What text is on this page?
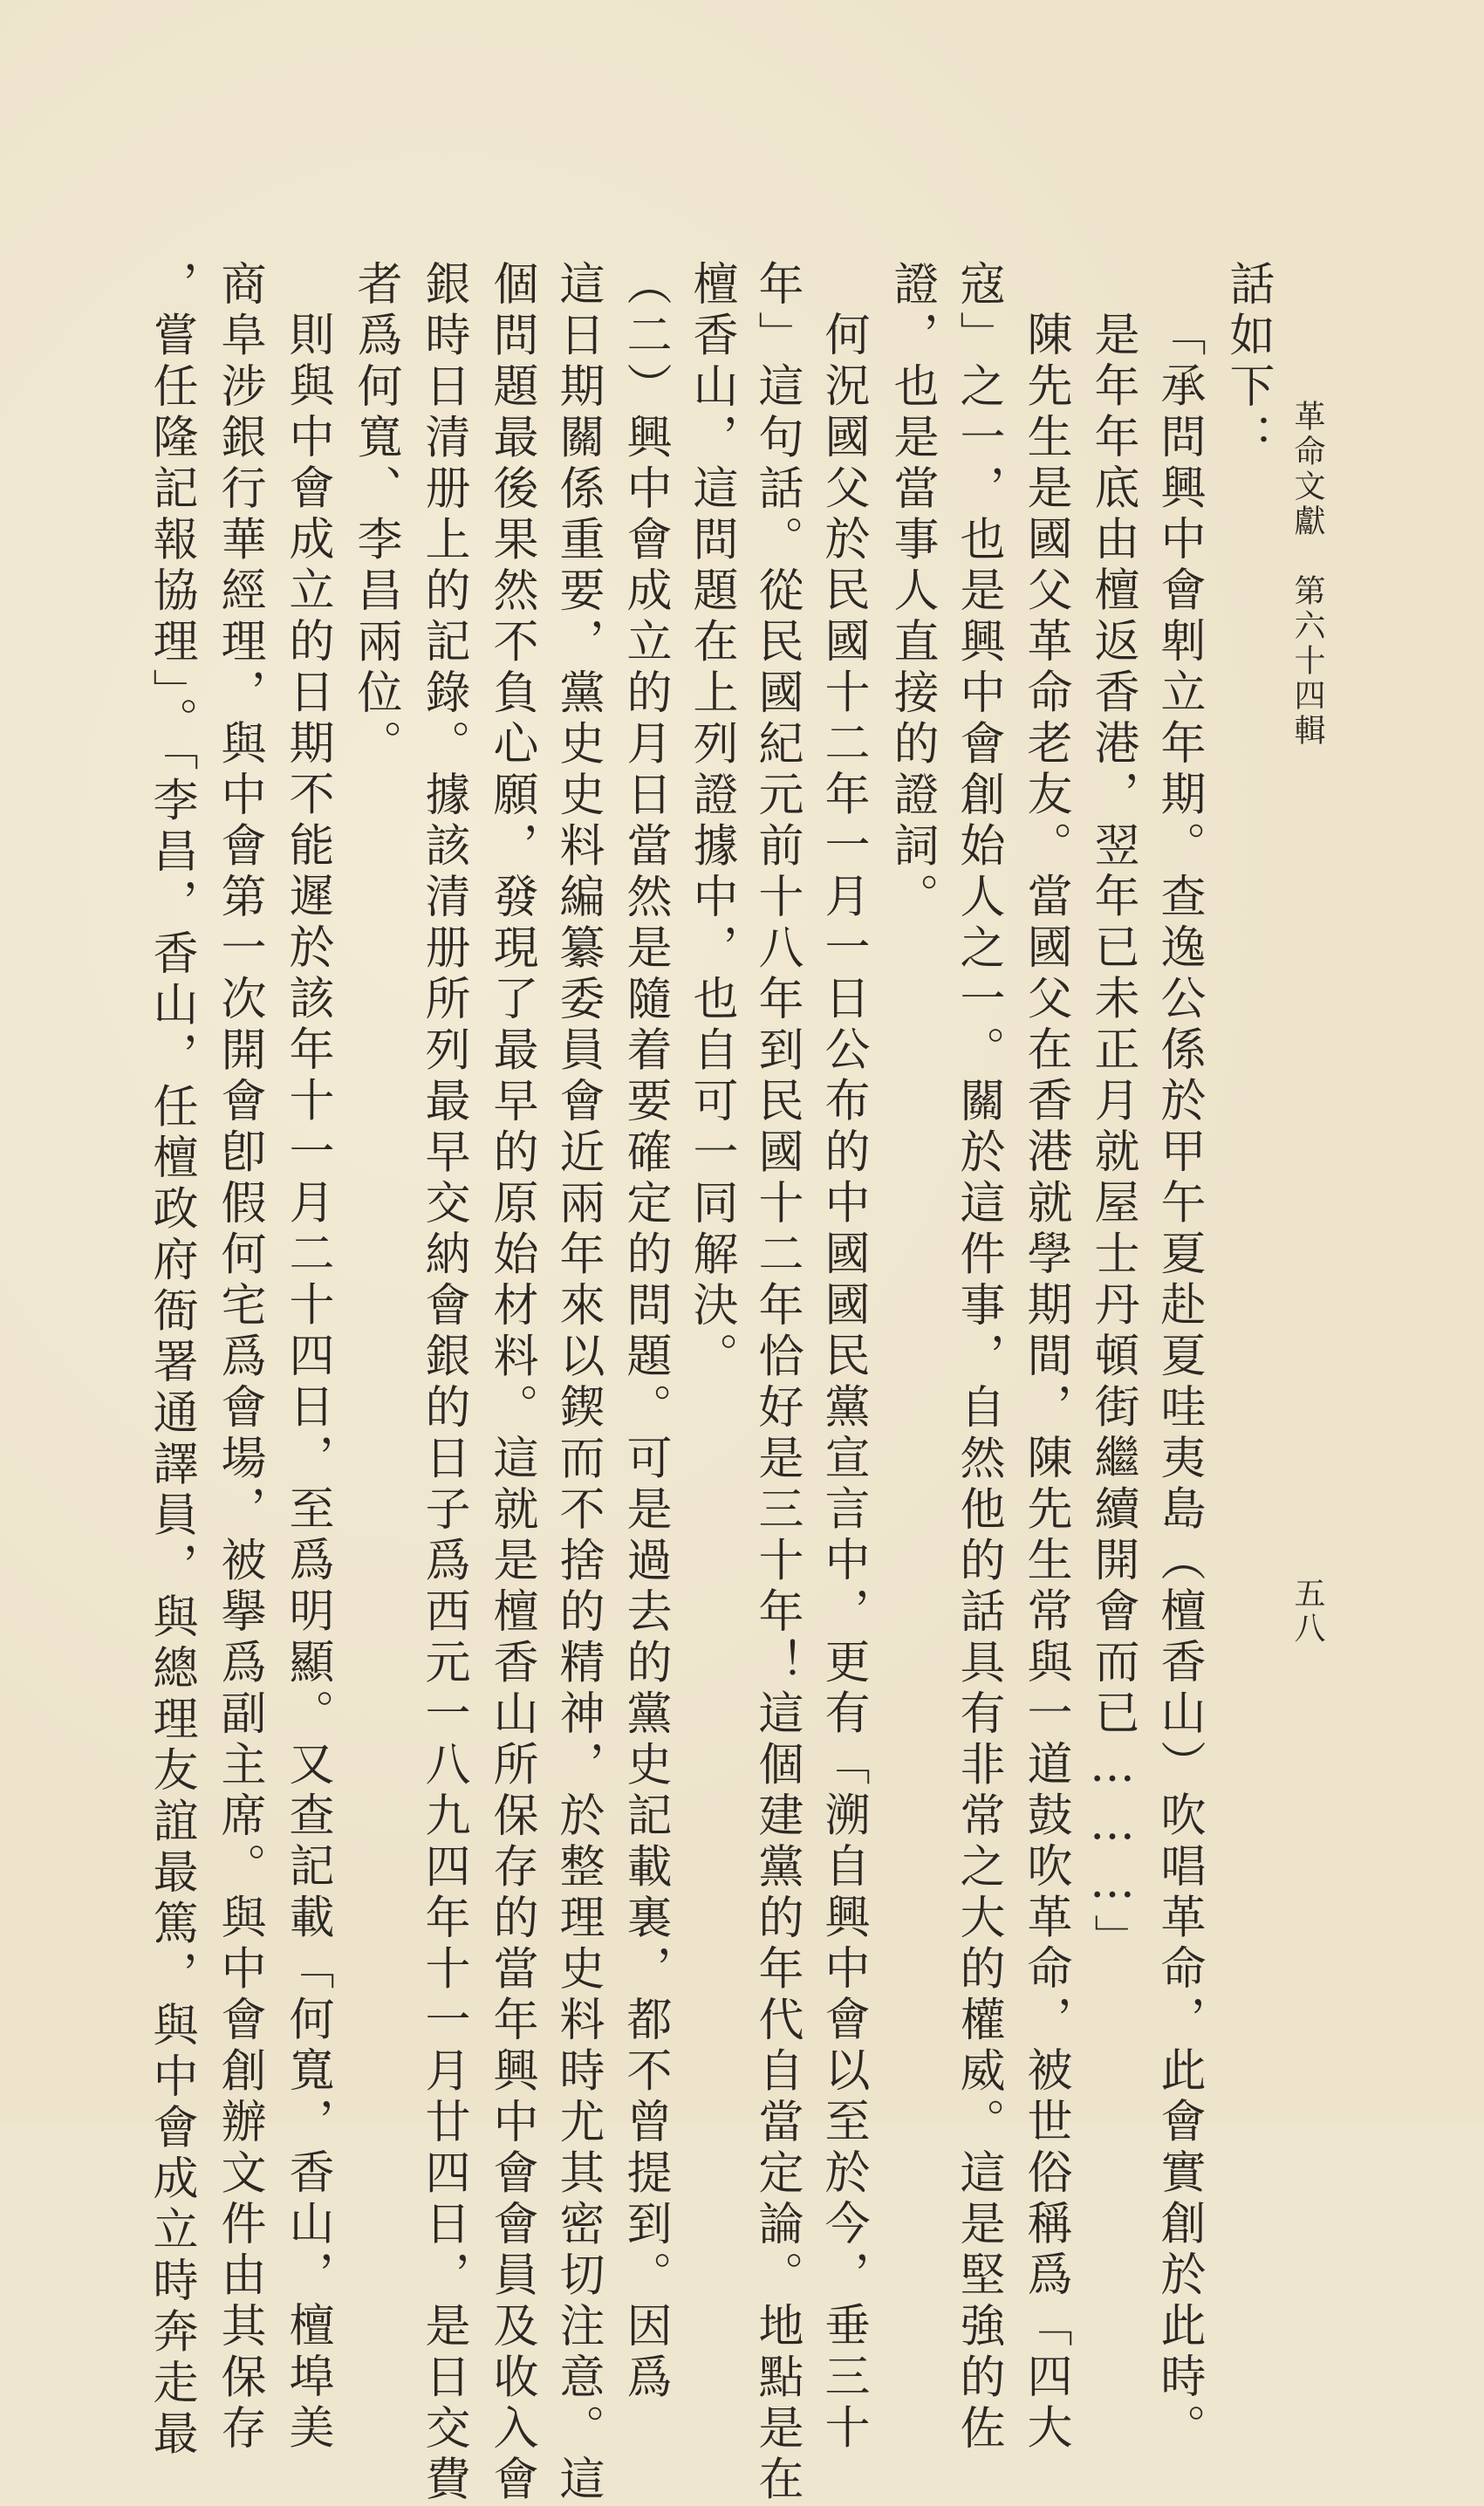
革命文獻　第六十四輯
五八
話如下：
「承問興中會𠜱立年期。查逸公係於甲午夏赴夏哇夷島（檀香山）吹唱革命，此會實創於此時。
是年年底由檀返香港，翌年已未正月就屋士丹頓街繼續開會而已………」
陳先生是國父革命老友。當國父在香港就學期間，陳先生常與一道鼓吹革命，被世俗稱爲「四大
寇」之一，也是興中會創始人之一。關於這件事，自然他的話具有非常之大的權威。這是堅強的佐
證，也是當事人直接的證詞。
何況國父於民國十二年一月一日公布的中國國民黨宣言中，更有「溯自興中會以至於今，垂三十
年」這句話。從民國紀元前十八年到民國十二年恰好是三十年！這個建黨的年代自當定論。地點是在
檀香山，這問題在上列證據中，也自可一同解決。
（二）興中會成立的月日當然是隨着要確定的問題。可是過去的黨史記載裏，都不曾提到。因爲
這日期關係重要，黨史史料編纂委員會近兩年來以鍥而不捨的精神，於整理史料時尤其密切注意。這
個問題最後果然不負心願，發現了最早的原始材料。這就是檀香山所保存的當年興中會會員及收入會
銀時日清册上的記錄。據該清册所列最早交納會銀的日子爲西元一八九四年十一月廿四日，是日交費
者爲何寬、李昌兩位。
則與中會成立的日期不能遲於該年十一月二十四日，至爲明顯。又查記載「何寬，香山，檀埠美
商阜涉銀行華經理，與中會第一次開會卽假何宅爲會場，被擧爲副主席。與中會創辦文件由其保存
，嘗任隆記報協理」。「李昌，香山，任檀政府衙署通譯員，與總理友誼最篤，與中會成立時奔走最
